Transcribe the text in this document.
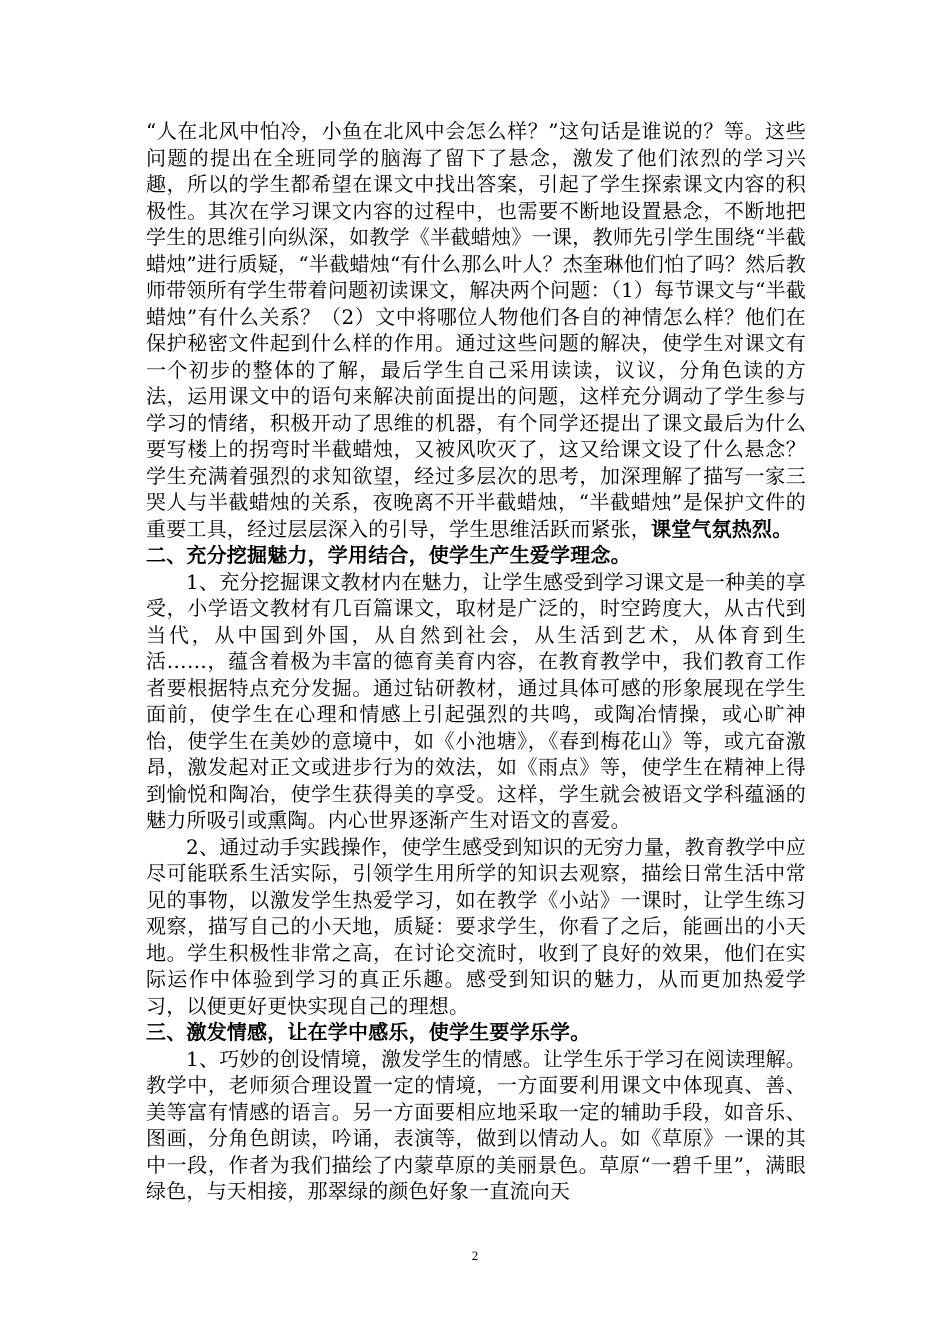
“人在北风中怕冷，小鱼在北风中会怎么样？”这句话是谁说的？等。这些问题的提出在全班同学的脑海了留下了悬念，激发了他们浓烈的学习兴趣，所以的学生都希望在课文中找出答案，引起了学生探索课文内容的积极性。其次在学习课文内容的过程中，也需要不断地设置悬念，不断地把学生的思维引向纵深，如教学《半截蜡烛》一课，教师先引学生围绕“半截蜡烛”进行质疑，“半截蜡烛“有什么那么叶人？杰奎琳他们怕了吗？然后教师带领所有学生带着问题初读课文，解决两个问题：（1）每节课文与“半截蜡烛”有什么关系？（2）文中将哪位人物他们各自的神情怎么样？他们在保护秘密文件起到什么样的作用。通过这些问题的解决，使学生对课文有一个初步的整体的了解，最后学生自己采用读读，议议，分角色读的方法，运用课文中的语句来解决前面提出的问题，这样充分调动了学生参与学习的情绪，积极开动了思维的机器，有个同学还提出了课文最后为什么要写楼上的拐弯时半截蜡烛，又被风吹灭了，这又给课文设了什么悬念？学生充满着强烈的求知欲望，经过多层次的思考，加深理解了描写一家三哭人与半截蜡烛的关系，夜晚离不开半截蜡烛，“半截蜡烛”是保护文件的重要工具，经过层层深入的引导，学生思维活跃而紧张，课堂气氛热烈。

二、充分挖掘魅力，学用结合，使学生产生爱学理念。

1、充分挖掘课文教材内在魅力，让学生感受到学习课文是一种美的享受，小学语文教材有几百篇课文，取材是广泛的，时空跨度大，从古代到当代，从中国到外国，从自然到社会，从生活到艺术，从体育到生活……，蕴含着极为丰富的德育美育内容，在教育教学中，我们教育工作者要根据特点充分发掘。通过钻研教材，通过具体可感的形象展现在学生面前，使学生在心理和情感上引起强烈的共鸣，或陶冶情操，或心旷神怡，使学生在美妙的意境中，如《小池塘》，《春到梅花山》等，或亢奋激昂，激发起对正文或进步行为的效法，如《雨点》等，使学生在精神上得到愉悦和陶冶，使学生获得美的享受。这样，学生就会被语文学科蕴涵的魅力所吸引或熏陶。内心世界逐渐产生对语文的喜爱。

2、通过动手实践操作，使学生感受到知识的无穷力量，教育教学中应尽可能联系生活实际，引领学生用所学的知识去观察，描绘日常生活中常见的事物，以激发学生热爱学习，如在教学《小站》一课时，让学生练习观察，描写自己的小天地，质疑：要求学生，你看了之后，能画出的小天地。学生积极性非常之高，在讨论交流时，收到了良好的效果，他们在实际运作中体验到学习的真正乐趣。感受到知识的魅力，从而更加热爱学习，以便更好更快实现自己的理想。

三、激发情感，让在学中感乐，使学生要学乐学。

1、巧妙的创设情境，激发学生的情感。让学生乐于学习在阅读理解。教学中，老师须合理设置一定的情境，一方面要利用课文中体现真、善、美等富有情感的语言。另一方面要相应地采取一定的辅助手段，如音乐、图画，分角色朗读，吟诵，表演等，做到以情动人。如《草原》一课的其中一段，作者为我们描绘了内蒙草原的美丽景色。草原“一碧千里”，满眼绿色，与天相接，那翠绿的颜色好象一直流向天

2
